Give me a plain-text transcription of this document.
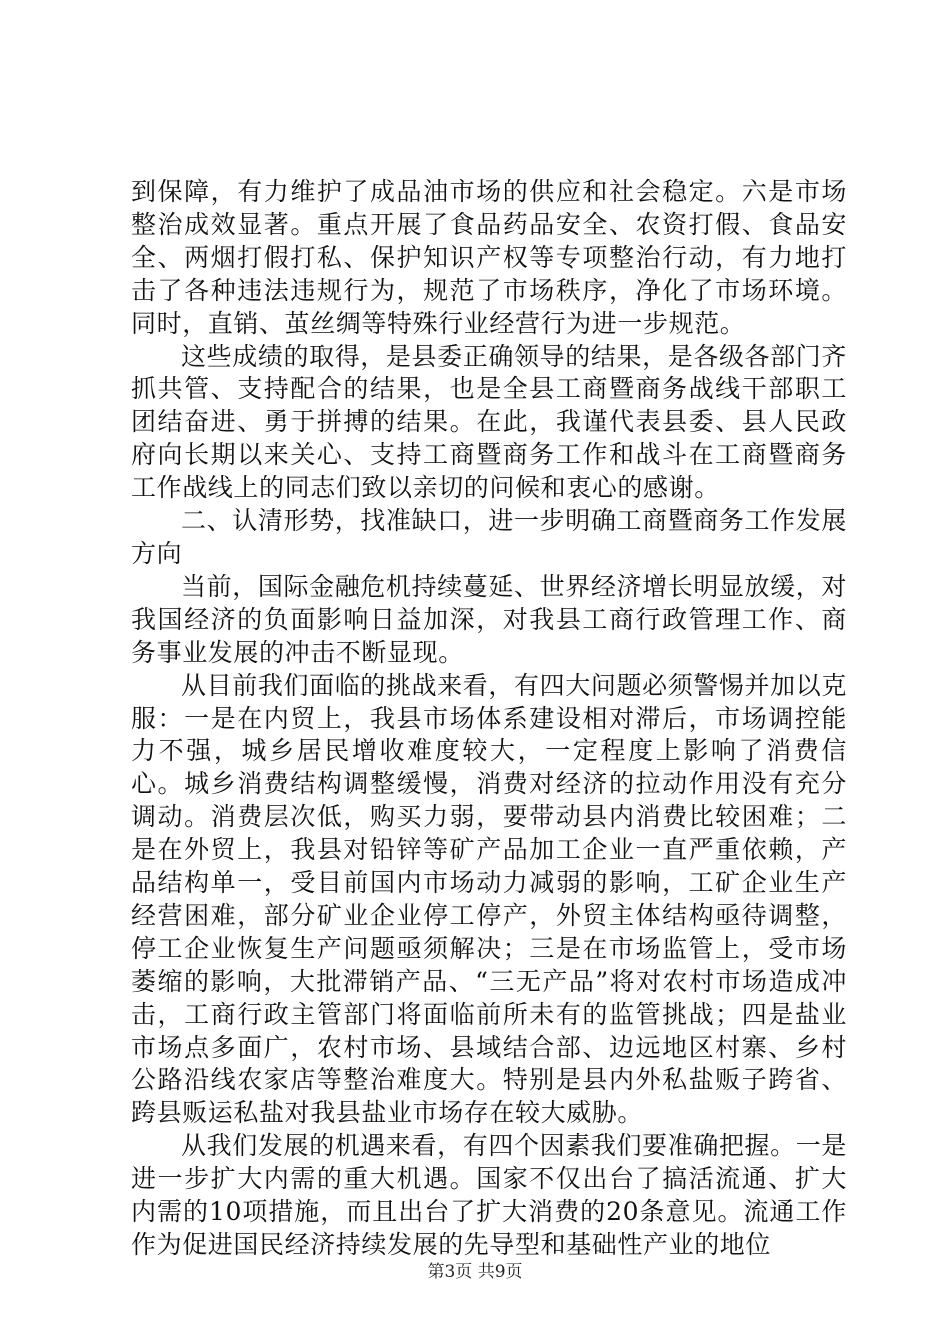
到保障，有力维护了成品油市场的供应和社会稳定。六是市场整治成效显著。重点开展了食品药品安全、农资打假、食品安全、两烟打假打私、保护知识产权等专项整治行动，有力地打击了各种违法违规行为，规范了市场秩序，净化了市场环境。同时，直销、茧丝绸等特殊行业经营行为进一步规范。

这些成绩的取得，是县委正确领导的结果，是各级各部门齐抓共管、支持配合的结果，也是全县工商暨商务战线干部职工团结奋进、勇于拼搏的结果。在此，我谨代表县委、县人民政府向长期以来关心、支持工商暨商务工作和战斗在工商暨商务工作战线上的同志们致以亲切的问候和衷心的感谢。

二、认清形势，找准缺口，进一步明确工商暨商务工作发展方向

当前，国际金融危机持续蔓延、世界经济增长明显放缓，对我国经济的负面影响日益加深，对我县工商行政管理工作、商务事业发展的冲击不断显现。

从目前我们面临的挑战来看，有四大问题必须警惕并加以克服：一是在内贸上，我县市场体系建设相对滞后，市场调控能力不强，城乡居民增收难度较大，一定程度上影响了消费信心。城乡消费结构调整缓慢，消费对经济的拉动作用没有充分调动。消费层次低，购买力弱，要带动县内消费比较困难；二是在外贸上，我县对铅锌等矿产品加工企业一直严重依赖，产品结构单一，受目前国内市场动力减弱的影响，工矿企业生产经营困难，部分矿业企业停工停产，外贸主体结构亟待调整，停工企业恢复生产问题亟须解决；三是在市场监管上，受市场萎缩的影响，大批滞销产品、“三无产品”将对农村市场造成冲击，工商行政主管部门将面临前所未有的监管挑战；四是盐业市场点多面广，农村市场、县域结合部、边远地区村寨、乡村公路沿线农家店等整治难度大。特别是县内外私盐贩子跨省、跨县贩运私盐对我县盐业市场存在较大威胁。

从我们发展的机遇来看，有四个因素我们要准确把握。一是进一步扩大内需的重大机遇。国家不仅出台了搞活流通、扩大内需的10项措施，而且出台了扩大消费的20条意见。流通工作作为促进国民经济持续发展的先导型和基础性产业的地位

第3页 共9页
